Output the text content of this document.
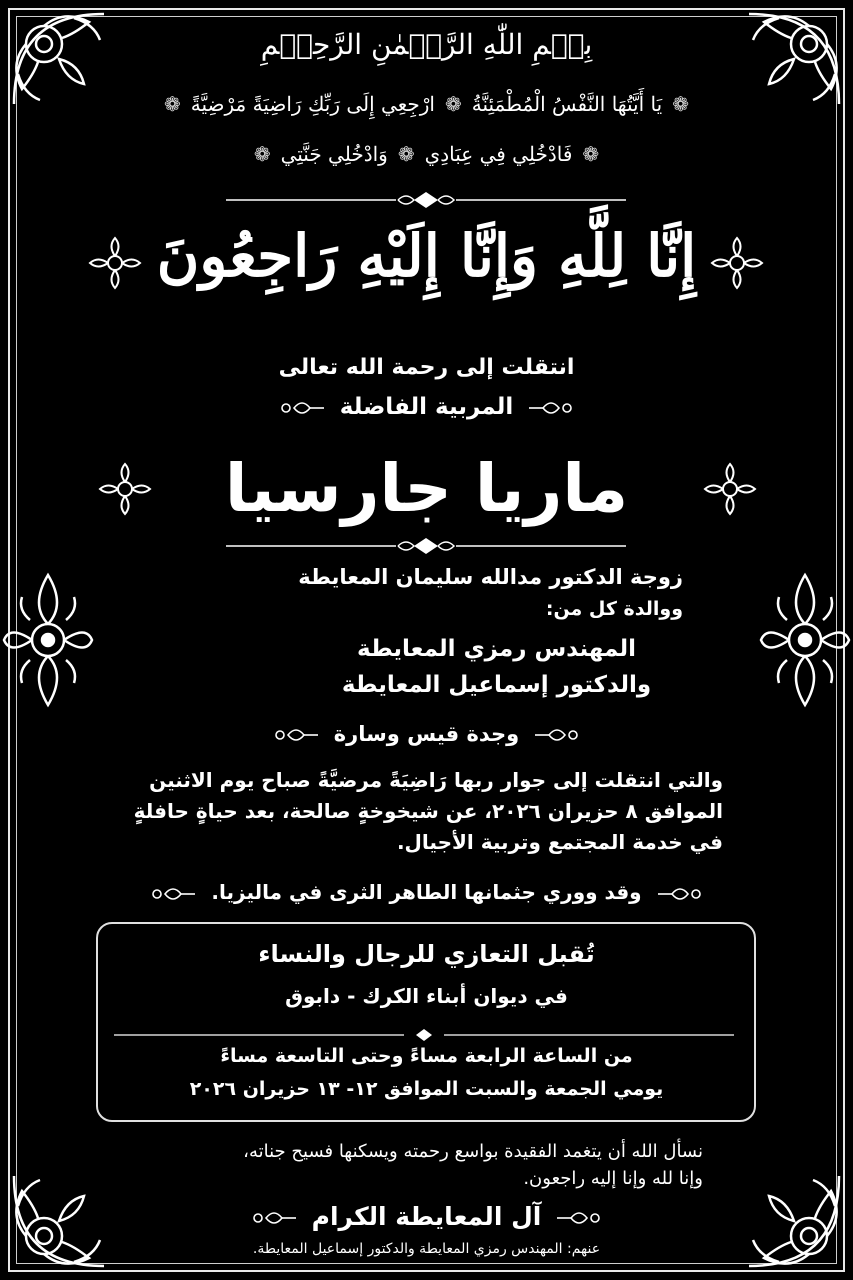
بِسۡمِ اللّٰهِ الرَّحۡمٰنِ الرَّحِيۡمِ
❁يَا أَيَّتُهَا النَّفْسُ الْمُطْمَئِنَّةُ❁ارْجِعِي إِلَى رَبِّكِ رَاضِيَةً مَرْضِيَّةً❁
❁فَادْخُلِي فِي عِبَادِي❁وَادْخُلِي جَنَّتِي❁
إِنَّا لِلَّهِ وَإِنَّا إِلَيْهِ رَاجِعُونَ
انتقلت إلى رحمة الله تعالى
المربية الفاضلة
ماريا جارسيا
زوجة الدكتور مدالله سليمان المعايطة
ووالدة كل من:
المهندس رمزي المعايطة
والدكتور إسماعيل المعايطة
وجدة قيس وسارة
والتي انتقلت إلى جوار ربها رَاضِيَةً مرضيَّةً صباح يوم الاثنين
الموافق ٨ حزيران ٢٠٢٦، عن شيخوخةٍ صالحة، بعد حياةٍ حافلةٍ
في خدمة المجتمع وتربية الأجيال.
وقد ووري جثمانها الطاهر الثرى في ماليزيا.
تُقبل التعازي للرجال والنساء
في ديوان أبناء الكرك - دابوق
من الساعة الرابعة مساءً وحتى التاسعة مساءً
يومي الجمعة والسبت الموافق ١٢- ١٣ حزيران ٢٠٢٦
نسأل الله أن يتغمد الفقيدة بواسع رحمته ويسكنها فسيح جناته،
وإنا لله وإنا إليه راجعون.
آل المعايطة الكرام
عنهم: المهندس رمزي المعايطة والدكتور إسماعيل المعايطة.
